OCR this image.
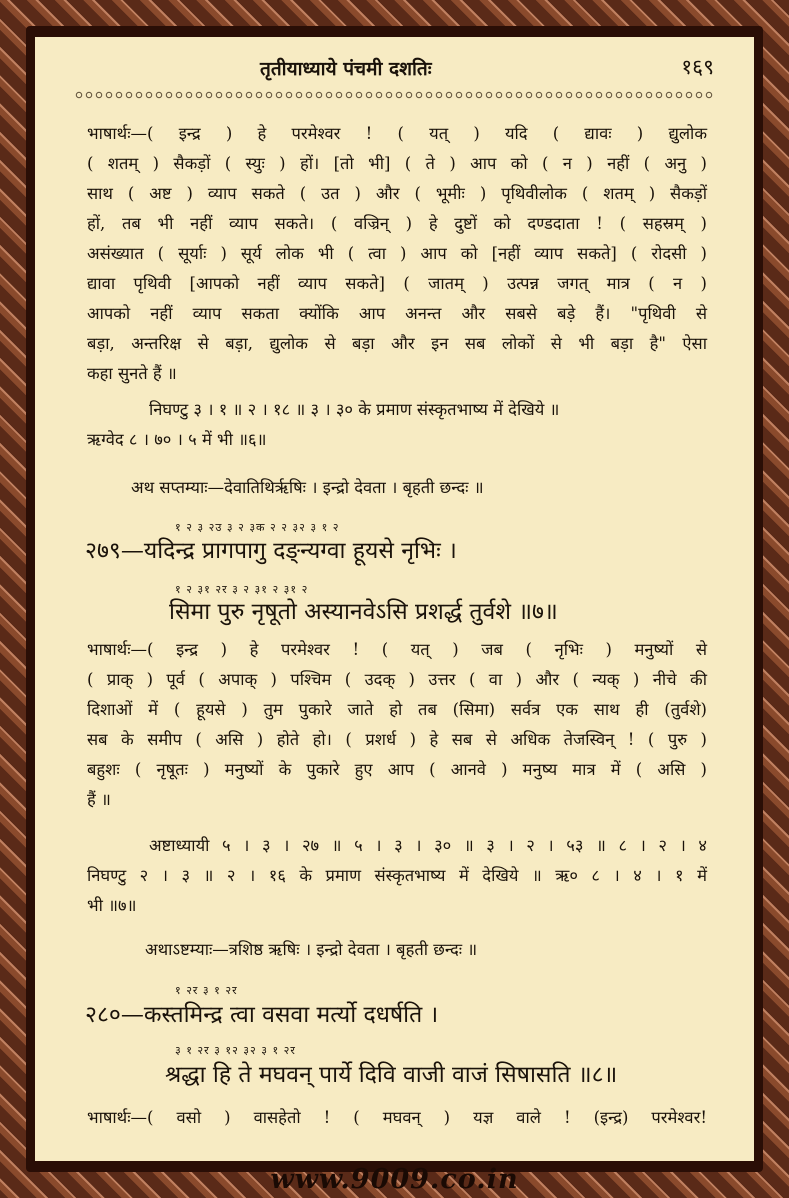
तृतीयाध्याये पंचमी दशतिः	१६९
भाषार्थः—( इन्द्र ) हे परमेश्वर ! ( यत् ) यदि ( द्यावः ) द्युलोक
( शतम् ) सैकड़ों ( स्युः ) हों। [तो भी] ( ते ) आप को ( न ) नहीं ( अनु )
साथ ( अष्ट ) व्याप सकते ( उत ) और ( भूमीः ) पृथिवीलोक ( शतम् ) सैकड़ों
हों, तब भी नहीं व्याप सकते। ( वज्रिन् ) हे दुष्टों को दण्डदाता ! ( सहस्रम् )
असंख्यात ( सूर्याः ) सूर्य लोक भी ( त्वा ) आप को [नहीं व्याप सकते] ( रोदसी )
द्यावा पृथिवी [आपको नहीं व्याप सकते] ( जातम् ) उत्पन्न जगत् मात्र ( न )
आपको नहीं व्याप सकता क्योंकि आप अनन्त और सबसे बड़े हैं। "पृथिवी से
बड़ा, अन्तरिक्ष से बड़ा, द्युलोक से बड़ा और इन सब लोकों से भी बड़ा है" ऐसा
कहा सुनते हैं ॥
निघण्टु ३ । १ ॥ २ । १८ ॥ ३ । ३० के प्रमाण संस्कृतभाष्य में देखिये ॥
ऋग्वेद ८ । ७० । ५ में भी ॥६॥
अथ सप्तम्याः—देवातिथिर्ऋषिः । इन्द्रो देवता । बृहती छन्दः ॥
१ २ ३ २उ ३ २ ३क २ २ ३२ ३ १ २
२७९—यदिन्द्र प्रागपागु दङ्न्यग्वा हूयसे नृभिः ।
१ २ ३१ २र ३ २ ३१ २ ३१ २
सिमा पुरु नृषूतो अस्यानवेऽसि प्रशर्द्ध तुर्वशे ॥७॥
भाषार्थः—( इन्द्र ) हे परमेश्वर ! ( यत् ) जब ( नृभिः ) मनुष्यों से
( प्राक् ) पूर्व ( अपाक् ) पश्चिम ( उदक् ) उत्तर ( वा ) और ( न्यक् ) नीचे की
दिशाओं में ( हूयसे ) तुम पुकारे जाते हो तब (सिमा) सर्वत्र एक साथ ही (तुर्वशे)
सब के समीप ( असि ) होते हो। ( प्रशर्ध ) हे सब से अधिक तेजस्विन् ! ( पुरु )
बहुशः ( नृषूतः ) मनुष्यों के पुकारे हुए आप ( आनवे ) मनुष्य मात्र में ( असि )
हैं ॥
अष्टाध्यायी ५ । ३ । २७ ॥ ५ । ३ । ३० ॥ ३ । २ । ५३ ॥ ८ । २ । ४
निघण्टु २ । ३ ॥ २ । १६ के प्रमाण संस्कृतभाष्य में देखिये ॥ ऋ० ८ । ४ । १ में
भी ॥७॥
अथाऽष्टम्याः—त्रशिष्ठ ऋषिः । इन्द्रो देवता । बृहती छन्दः ॥
१ २र ३ १ २र
२८०—कस्तमिन्द्र त्वा वसवा मर्त्यो दधर्षति ।
३ १ २र ३ १२ ३२ ३ १ २र
श्रद्धा हि ते मघवन् पार्ये दिवि वाजी वाजं सिषासति ॥८॥
भाषार्थः—( वसो ) वासहेतो ! ( मघवन् ) यज्ञ वाले ! (इन्द्र) परमेश्वर!
www.9009.co.in
